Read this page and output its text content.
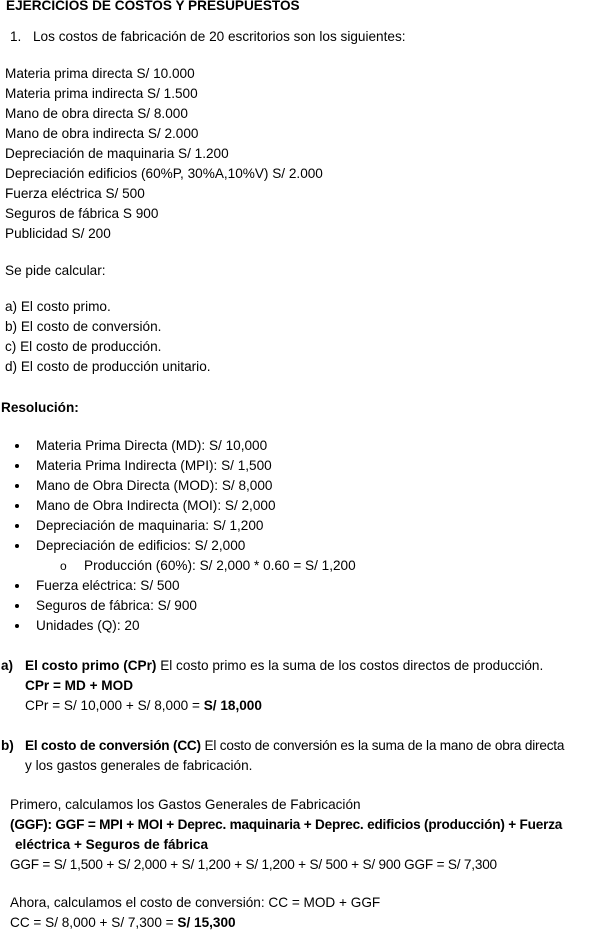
EJERCICIOS DE COSTOS Y PRESUPUESTOS
1. Los costos de fabricación de 20 escritorios son los siguientes:
Materia prima directa S/ 10.000
Materia prima indirecta S/ 1.500
Mano de obra directa S/ 8.000
Mano de obra indirecta S/ 2.000
Depreciación de maquinaria S/ 1.200
Depreciación edificios (60%P, 30%A,10%V) S/ 2.000
Fuerza eléctrica S/ 500
Seguros de fábrica S 900
Publicidad S/ 200
Se pide calcular:
a) El costo primo.
b) El costo de conversión.
c) El costo de producción.
d) El costo de producción unitario.
Resolución:
Materia Prima Directa (MD): S/ 10,000
Materia Prima Indirecta (MPI): S/ 1,500
Mano de Obra Directa (MOD): S/ 8,000
Mano de Obra Indirecta (MOI): S/ 2,000
Depreciación de maquinaria: S/ 1,200
Depreciación de edificios: S/ 2,000
o Producción (60%): S/ 2,000 * 0.60 = S/ 1,200
Fuerza eléctrica: S/ 500
Seguros de fábrica: S/ 900
Unidades (Q): 20
a) El costo primo (CPr) El costo primo es la suma de los costos directos de producción.
CPr = MD + MOD
CPr = S/ 10,000 + S/ 8,000 = S/ 18,000
b) El costo de conversión (CC) El costo de conversión es la suma de la mano de obra directa
y los gastos generales de fabricación.
Primero, calculamos los Gastos Generales de Fabricación
(GGF): GGF = MPI + MOI + Deprec. maquinaria + Deprec. edificios (producción) + Fuerza
eléctrica + Seguros de fábrica
GGF = S/ 1,500 + S/ 2,000 + S/ 1,200 + S/ 1,200 + S/ 500 + S/ 900 GGF = S/ 7,300
Ahora, calculamos el costo de conversión: CC = MOD + GGF
CC = S/ 8,000 + S/ 7,300 = S/ 15,300
